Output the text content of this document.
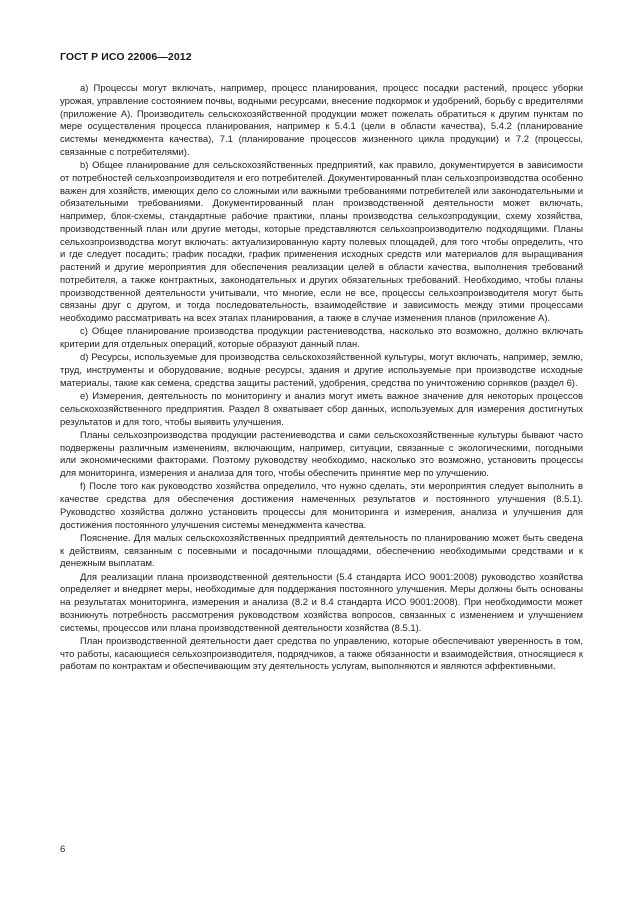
ГОСТ Р ИСО 22006—2012

a) Процессы могут включать, например, процесс планирования, процесс посадки растений, процесс уборки урожая, управление состоянием почвы, водными ресурсами, внесение подкормок и удобрений, борьбу с вредителями (приложение А). Производитель сельскохозяйственной продукции может пожелать обратиться к другим пунктам по мере осуществления процесса планирования, например к 5.4.1 (цели в области качества), 5.4.2 (планирование системы менеджмента качества), 7.1 (планирование процессов жизненного цикла продукции) и 7.2 (процессы, связанные с потребителями).

b) Общее планирование для сельскохозяйственных предприятий, как правило, документируется в зависимости от потребностей сельхозпроизводителя и его потребителей. Документированный план сельхозпроизводства особенно важен для хозяйств, имеющих дело со сложными или важными требованиями потребителей или законодательными и обязательными требованиями. Документированный план производственной деятельности может включать, например, блок-схемы, стандартные рабочие практики, планы производства сельхозпродукции, схему хозяйства, производственный план или другие методы, которые представляются сельхозпроизводителю подходящими. Планы сельхозпроизводства могут включать: актуализированную карту полевых площадей, для того чтобы определить, что и где следует посадить; график посадки, график применения исходных средств или материалов для выращивания растений и другие мероприятия для обеспечения реализации целей в области качества, выполнения требований потребителя, а также контрактных, законодательных и других обязательных требований. Необходимо, чтобы планы производственной деятельности учитывали, что многие, если не все, процессы сельхозпроизводителя могут быть связаны друг с другом, и тогда последовательность, взаимодействие и зависимость между этими процессами необходимо рассматривать на всех этапах планирования, а также в случае изменения планов (приложение А).

c) Общее планирование производства продукции растениеводства, насколько это возможно, должно включать критерии для отдельных операций, которые образуют данный план.

d) Ресурсы, используемые для производства сельскохозяйственной культуры, могут включать, например, землю, труд, инструменты и оборудование, водные ресурсы, здания и другие используемые при производстве исходные материалы, такие как семена, средства защиты растений, удобрения, средства по уничтожению сорняков (раздел 6).

e) Измерения, деятельность по мониторингу и анализ могут иметь важное значение для некоторых процессов сельскохозяйственного предприятия. Раздел 8 охватывает сбор данных, используемых для измерения достигнутых результатов и для того, чтобы выявить улучшения.

Планы сельхозпроизводства продукции растениеводства и сами сельскохозяйственные культуры бывают часто подвержены различным изменениям, включающим, например, ситуации, связанные с экологическими, погодными или экономическими факторами. Поэтому руководству необходимо, насколько это возможно, установить процессы для мониторинга, измерения и анализа для того, чтобы обеспечить принятие мер по улучшению.

f) После того как руководство хозяйства определило, что нужно сделать, эти мероприятия следует выполнить в качестве средства для обеспечения достижения намеченных результатов и постоянного улучшения (8.5.1). Руководство хозяйства должно установить процессы для мониторинга и измерения, анализа и улучшения для достижения постоянного улучшения системы менеджмента качества.

Пояснение. Для малых сельскохозяйственных предприятий деятельность по планированию может быть сведена к действиям, связанным с посевными и посадочными площадями, обеспечению необходимыми средствами и к денежным выплатам.

Для реализации плана производственной деятельности (5.4 стандарта ИСО 9001:2008) руководство хозяйства определяет и внедряет меры, необходимые для поддержания постоянного улучшения. Меры должны быть основаны на результатах мониторинга, измерения и анализа (8.2 и 8.4 стандарта ИСО 9001:2008). При необходимости может возникнуть потребность рассмотрения руководством хозяйства вопросов, связанных с изменением и улучшением системы, процессов или плана производственной деятельности хозяйства (8.5.1).

План производственной деятельности дает средства по управлению, которые обеспечивают уверенность в том, что работы, касающиеся сельхозпроизводителя, подрядчиков, а также обязанности и взаимодействия, относящиеся к работам по контрактам и обеспечивающим эту деятельность услугам, выполняются и являются эффективными.

6
